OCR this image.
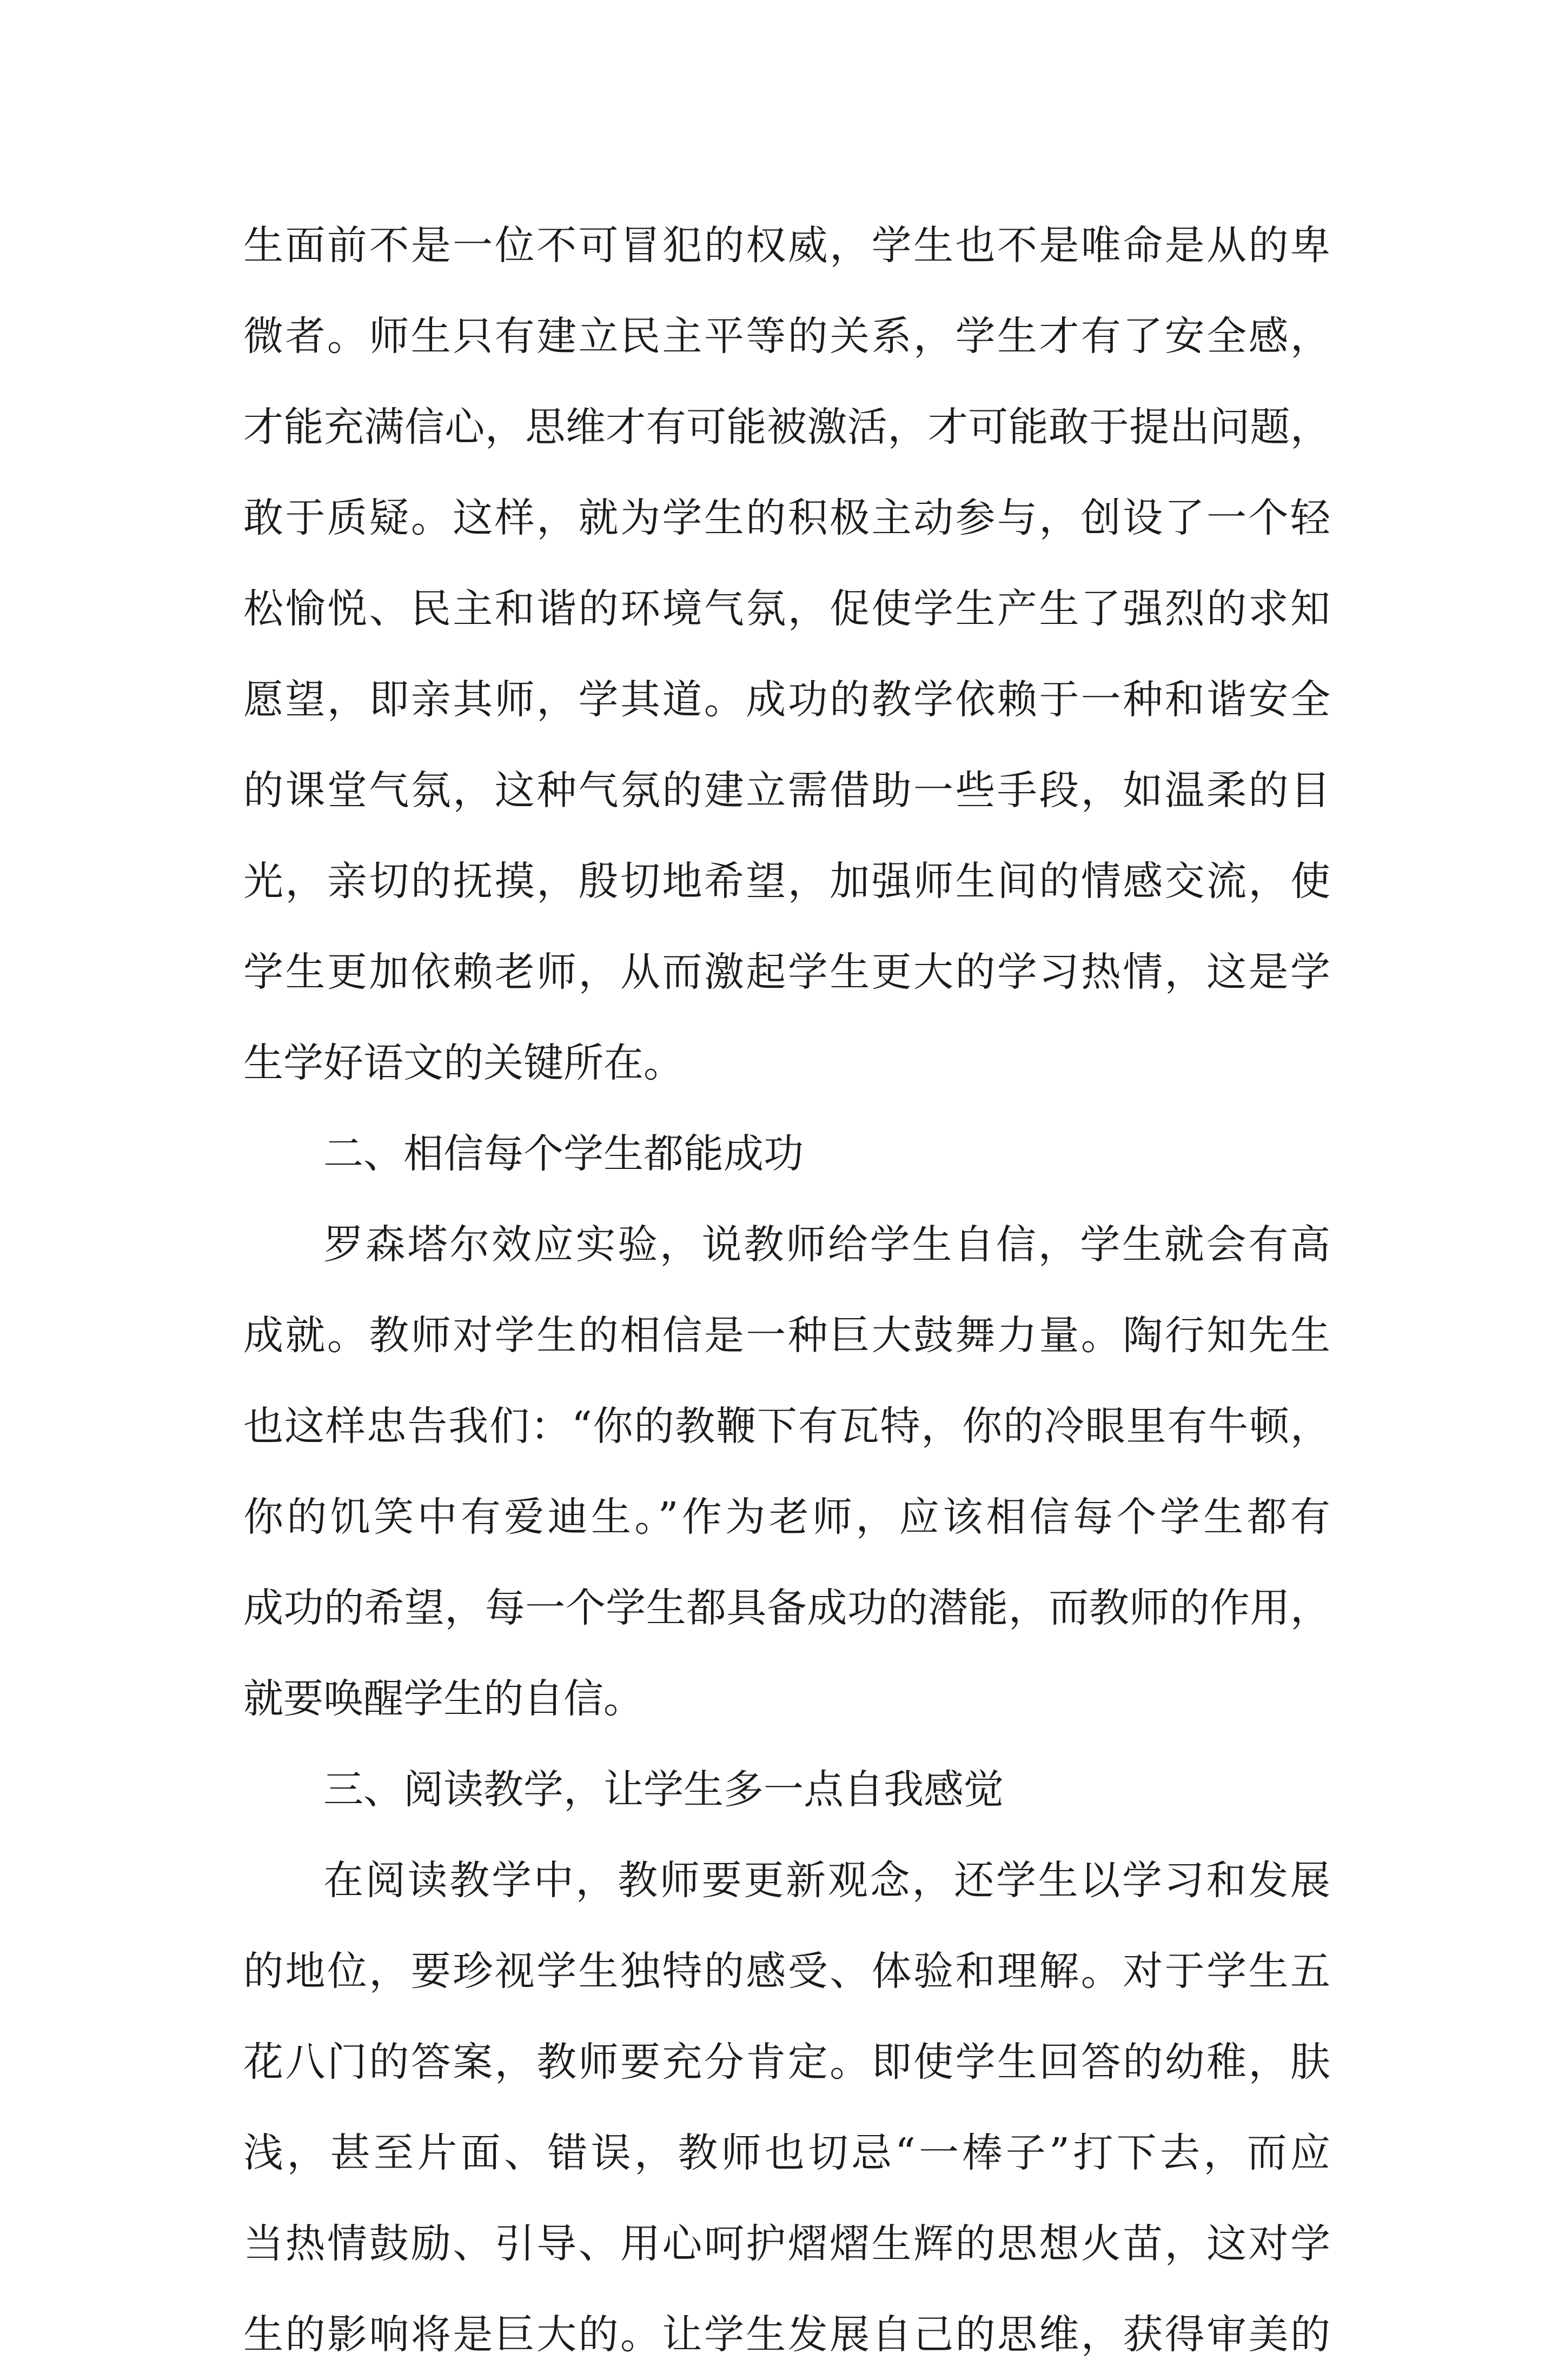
生面前不是一位不可冒犯的权威，学生也不是唯命是从的卑
微者。师生只有建立民主平等的关系，学生才有了安全感，
才能充满信心，思维才有可能被激活，才可能敢于提出问题，
敢于质疑。这样，就为学生的积极主动参与，创设了一个轻
松愉悦、民主和谐的环境气氛，促使学生产生了强烈的求知
愿望，即亲其师，学其道。成功的教学依赖于一种和谐安全
的课堂气氛，这种气氛的建立需借助一些手段，如温柔的目
光，亲切的抚摸，殷切地希望，加强师生间的情感交流，使
学生更加依赖老师，从而激起学生更大的学习热情，这是学
生学好语文的关键所在。
二、相信每个学生都能成功
罗森塔尔效应实验，说教师给学生自信，学生就会有高
成就。教师对学生的相信是一种巨大鼓舞力量。陶行知先生
也这样忠告我们：“你的教鞭下有瓦特，你的冷眼里有牛顿，
你的饥笑中有爱迪生。”作为老师，应该相信每个学生都有
成功的希望，每一个学生都具备成功的潜能，而教师的作用，
就要唤醒学生的自信。
三、阅读教学，让学生多一点自我感觉
在阅读教学中，教师要更新观念，还学生以学习和发展
的地位，要珍视学生独特的感受、体验和理解。对于学生五
花八门的答案，教师要充分肯定。即使学生回答的幼稚，肤
浅，甚至片面、错误，教师也切忌“一棒子”打下去，而应
当热情鼓励、引导、用心呵护熠熠生辉的思想火苗，这对学
生的影响将是巨大的。让学生发展自己的思维，获得审美的
